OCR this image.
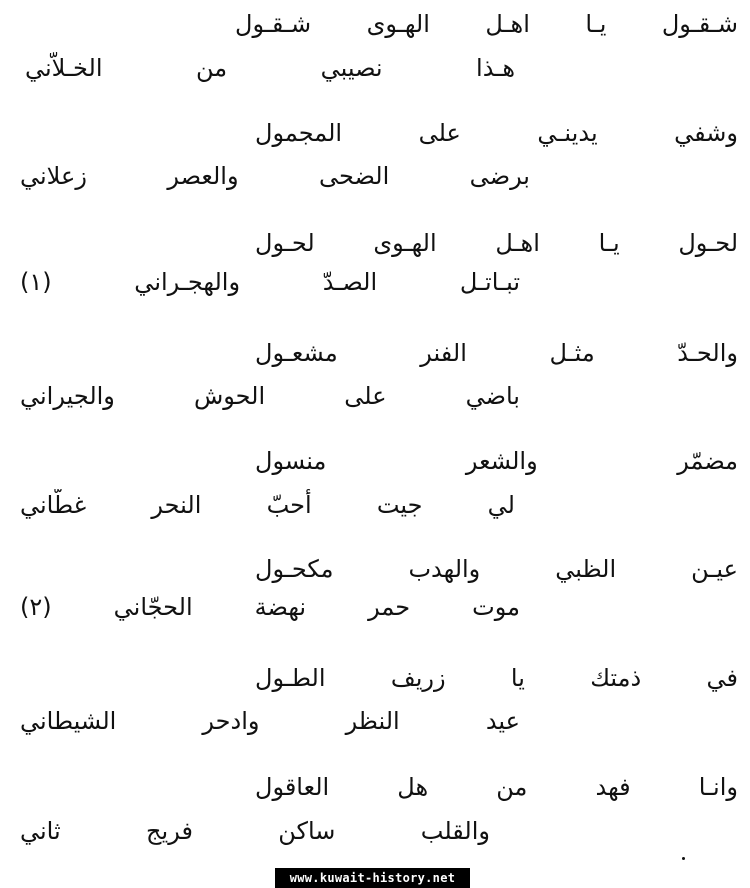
شـقـول يـا اهـل الهـوى شـقـول
هـذا نصيبي من الخـلاّني
وشفي يدينـي على المجمول
برضى الضحى والعصر زعلاني
لحـول يـا اهـل الهـوى لحـول
تبـاتـل الصـدّ والهجـراني (١)
والحـدّ مثـل الفنر مشعـول
باضي على الحوش والجيراني
مضمّر والشعر منسول
لي جيت أحبّ النحر غطّاني
عيـن الظبي والهدب مكحـول
موت حمر نهضة الحجّاني (٢)
في ذمتك يا زريف الطـول
عيد النظر وادحر الشيطاني
وانـا فهد من هل العاقول
والقلب ساكن فريج ثاني
www.kuwait-history.net
